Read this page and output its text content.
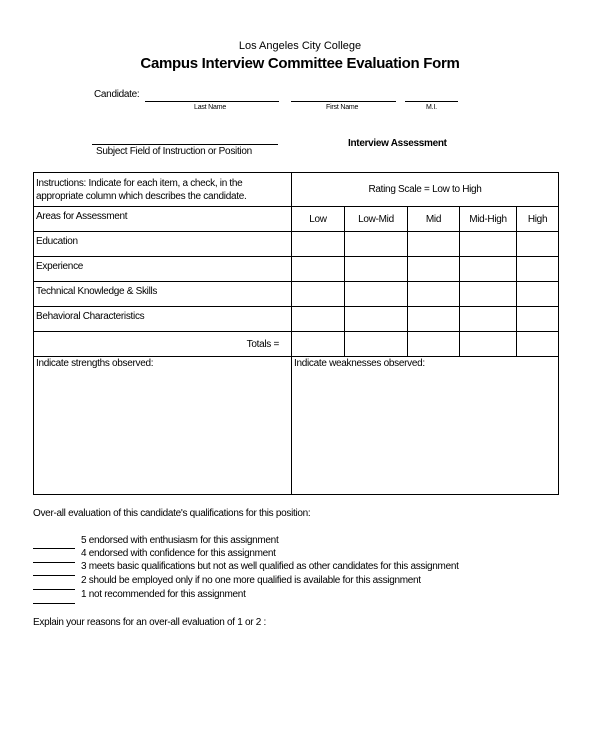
Los Angeles City College
Campus Interview Committee Evaluation Form
Candidate:
Last Name	First Name	M.I.
Subject Field of Instruction or Position
Interview Assessment
Instructions: Indicate for each item, a check, in the appropriate column which describes the candidate.	Rating Scale = Low to High				
Areas for Assessment	Low	Low-Mid	Mid	Mid-High	High
Education					
Experience					
Technical Knowledge & Skills					
Behavioral Characteristics					
Totals =					
Indicate strengths observed:	Indicate weaknesses observed:				
Over-all evaluation of this candidate's qualifications for this position:
5 endorsed with enthusiasm for this assignment
4 endorsed with confidence for this assignment
3 meets basic qualifications but not as well qualified as other candidates for this assignment
2 should be employed only if no one more qualified is available for this assignment
1 not recommended for this assignment
Explain your reasons for an over-all evaluation of 1 or 2 :
